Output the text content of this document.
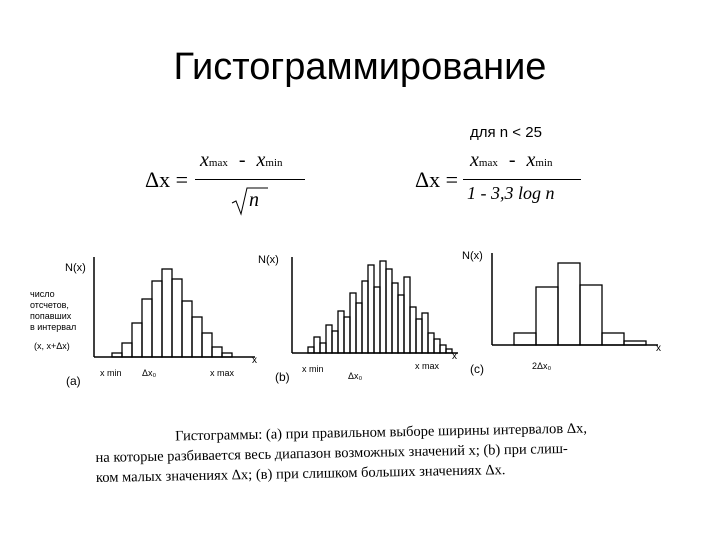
Гистограммирование
для n < 25
Δx =
xmax - xmin
n
Δx =
xmax - xmin
1 - 3,3 log n
N(x)
x
число
отсчетов,
попавших
в интервал
(x, x+Δx)
x min Δx₀	x max
(a)
N(x)
x
x min
Δx₀
x max
(b)
N(x)
x
2Δx₀
(c)
Гистограммы: (а) при правильном выборе ширины интервалов Δx,
на которые разбивается весь диапазон возможных значений x; (b) при слиш-
ком малых значениях Δx; (в) при слишком больших значениях Δx.
